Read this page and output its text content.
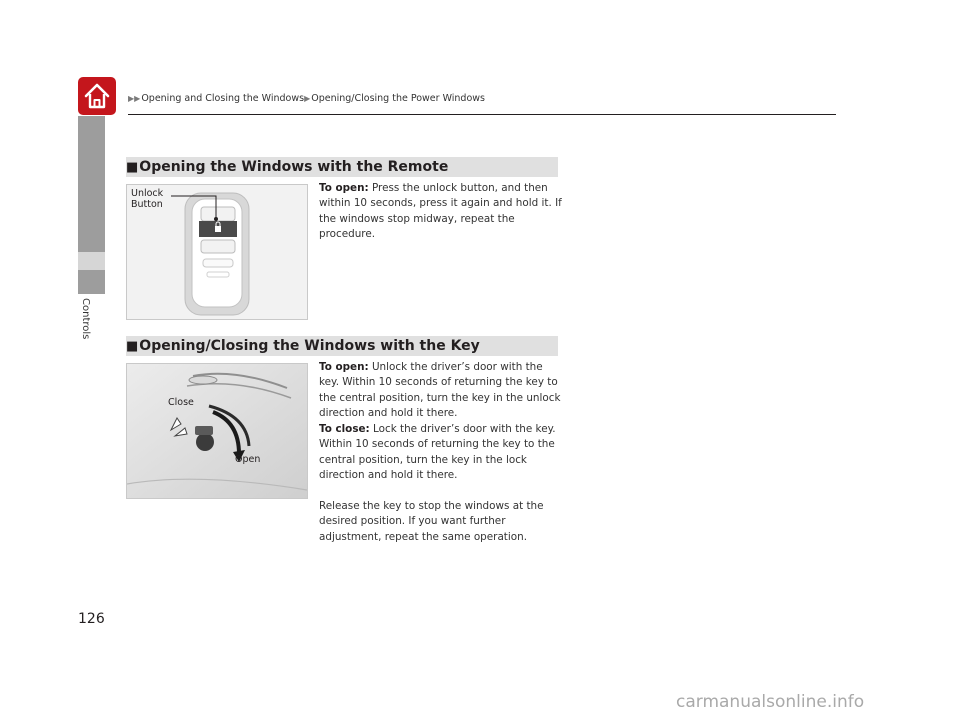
▶▶Opening and Closing the Windows▶Opening/Closing the Power Windows
Controls
■Opening the Windows with the Remote
Unlock
Button
To open: Press the unlock button, and then within 10 seconds, press it again and hold it. If the windows stop midway, repeat the procedure.
■Opening/Closing the Windows with the Key
Close
Open
To open: Unlock the driver’s door with the key. Within 10 seconds of returning the key to the central position, turn the key in the unlock direction and hold it there.
To close: Lock the driver’s door with the key. Within 10 seconds of returning the key to the central position, turn the key in the lock direction and hold it there.
Release the key to stop the windows at the desired position. If you want further adjustment, repeat the same operation.
126
carmanualsonline.info
